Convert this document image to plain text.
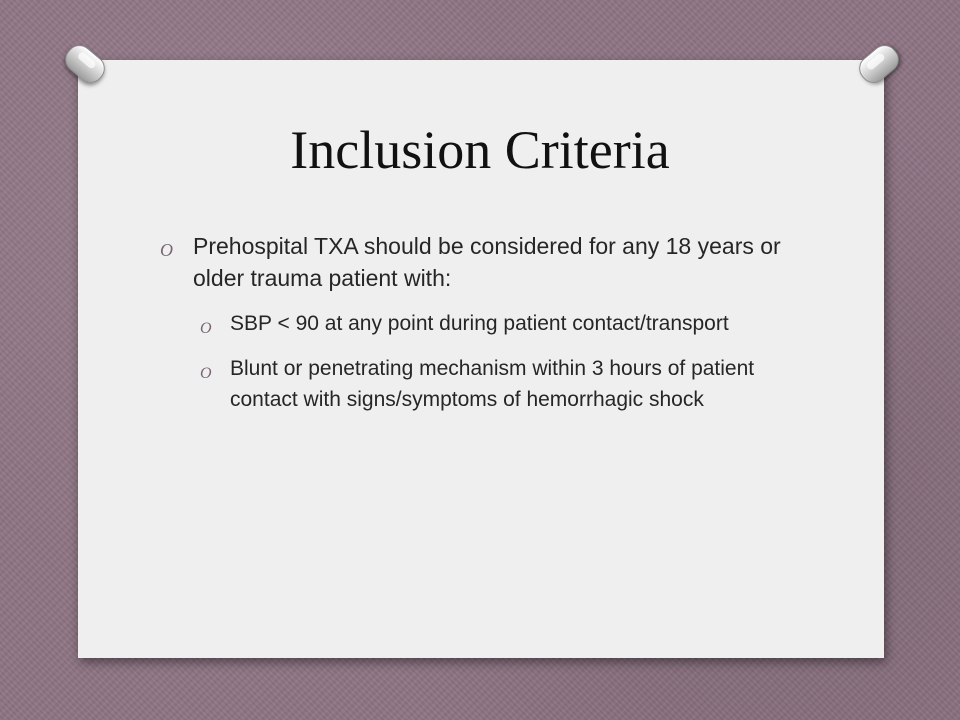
Inclusion Criteria
O Prehospital TXA should be considered for any 18 years or older trauma patient with:
O SBP < 90 at any point during patient contact/transport
O Blunt or penetrating mechanism within 3 hours of patient contact with signs/symptoms of hemorrhagic shock
